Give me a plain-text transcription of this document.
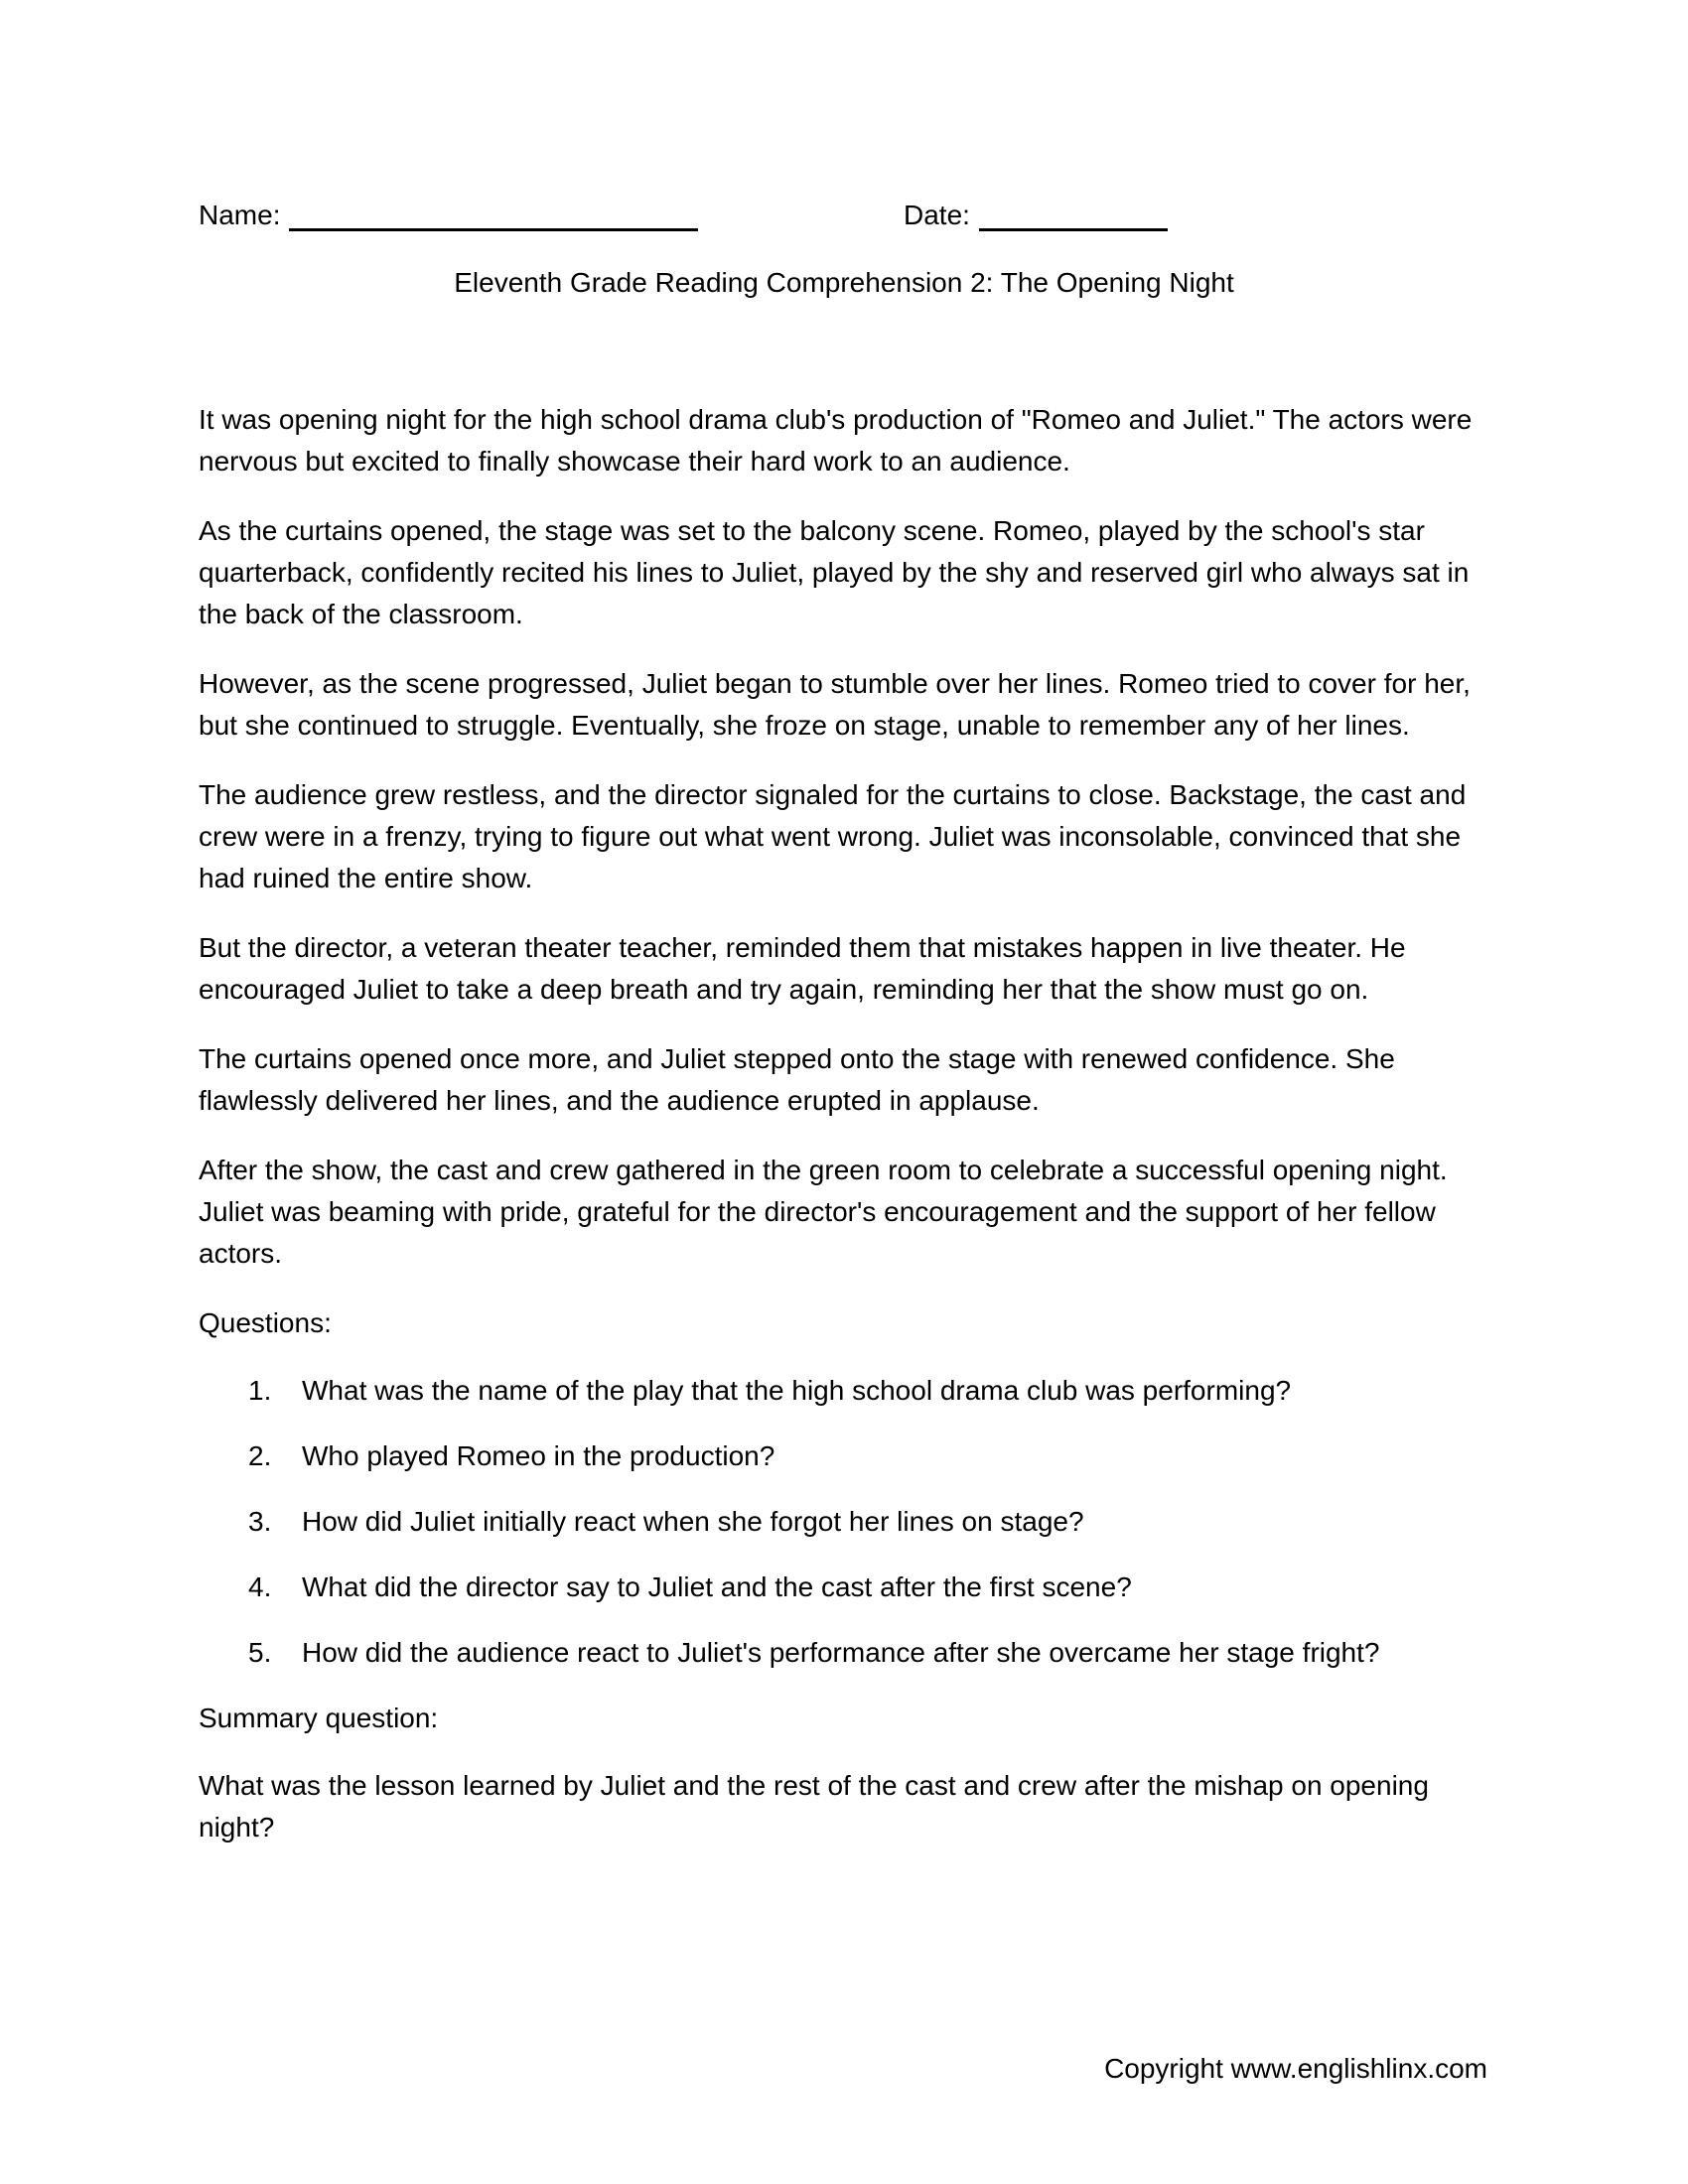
Name:	Date:
Eleventh Grade Reading Comprehension 2: The Opening Night

It was opening night for the high school drama club's production of "Romeo and Juliet." The actors were nervous but excited to finally showcase their hard work to an audience.

As the curtains opened, the stage was set to the balcony scene. Romeo, played by the school's star quarterback, confidently recited his lines to Juliet, played by the shy and reserved girl who always sat in the back of the classroom.

However, as the scene progressed, Juliet began to stumble over her lines. Romeo tried to cover for her, but she continued to struggle. Eventually, she froze on stage, unable to remember any of her lines.

The audience grew restless, and the director signaled for the curtains to close. Backstage, the cast and crew were in a frenzy, trying to figure out what went wrong. Juliet was inconsolable, convinced that she had ruined the entire show.

But the director, a veteran theater teacher, reminded them that mistakes happen in live theater. He encouraged Juliet to take a deep breath and try again, reminding her that the show must go on.

The curtains opened once more, and Juliet stepped onto the stage with renewed confidence. She flawlessly delivered her lines, and the audience erupted in applause.

After the show, the cast and crew gathered in the green room to celebrate a successful opening night. Juliet was beaming with pride, grateful for the director's encouragement and the support of her fellow actors.

Questions:

1.	What was the name of the play that the high school drama club was performing?
2.	Who played Romeo in the production?
3.	How did Juliet initially react when she forgot her lines on stage?
4.	What did the director say to Juliet and the cast after the first scene?
5.	How did the audience react to Juliet's performance after she overcame her stage fright?

Summary question:

What was the lesson learned by Juliet and the rest of the cast and crew after the mishap on opening night?

Copyright www.englishlinx.com
